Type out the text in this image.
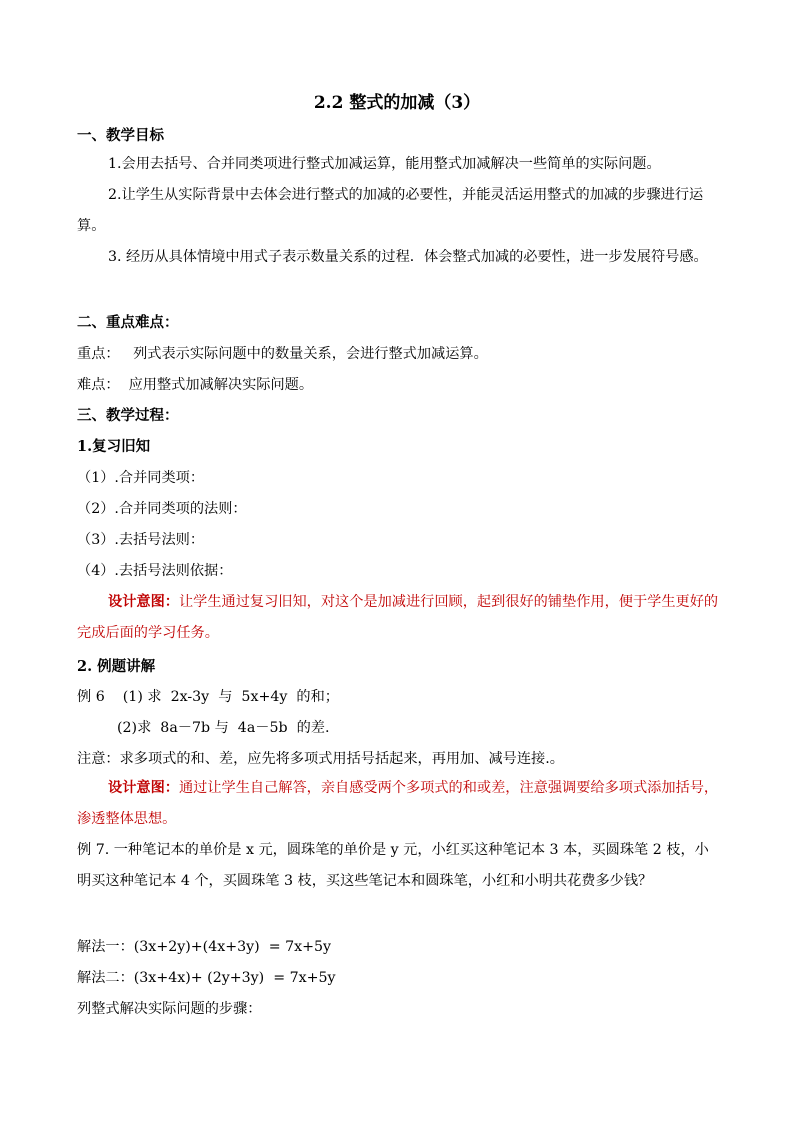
2.2 整式的加减（3）
一、教学目标
1.会用去括号、合并同类项进行整式加减运算，能用整式加减解决一些简单的实际问题。
2.让学生从实际背景中去体会进行整式的加减的必要性，并能灵活运用整式的加减的步骤进行运算。
3. 经历从具体情境中用式子表示数量关系的过程．体会整式加减的必要性，进一步发展符号感。
二、重点难点：
重点：   列式表示实际问题中的数量关系，会进行整式加减运算。
难点：  应用整式加减解决实际问题。
三、教学过程：
1.复习旧知
（1）.合并同类项：
（2）.合并同类项的法则：
（3）.去括号法则：
（4）.去括号法则依据：
设计意图：让学生通过复习旧知，对这个是加减进行回顾，起到很好的铺垫作用，便于学生更好的完成后面的学习任务。
2. 例题讲解
例 6    (1) 求  2x-3y  与  5x+4y  的和；
(2)求  8a－7b 与  4a－5b  的差.
注意：求多项式的和、差，应先将多项式用括号括起来，再用加、减号连接.。
设计意图：通过让学生自己解答，亲自感受两个多项式的和或差，注意强调要给多项式添加括号，渗透整体思想。
例 7. 一种笔记本的单价是 x 元，圆珠笔的单价是 y 元，小红买这种笔记本 3 本，买圆珠笔 2 枝，小明买这种笔记本 4 个，买圆珠笔 3 枝，买这些笔记本和圆珠笔，小红和小明共花费多少钱？
解法一：(3x+2y)+(4x+3y)  = 7x+5y
解法二：(3x+4x)+ (2y+3y)  = 7x+5y
列整式解决实际问题的步骤：
